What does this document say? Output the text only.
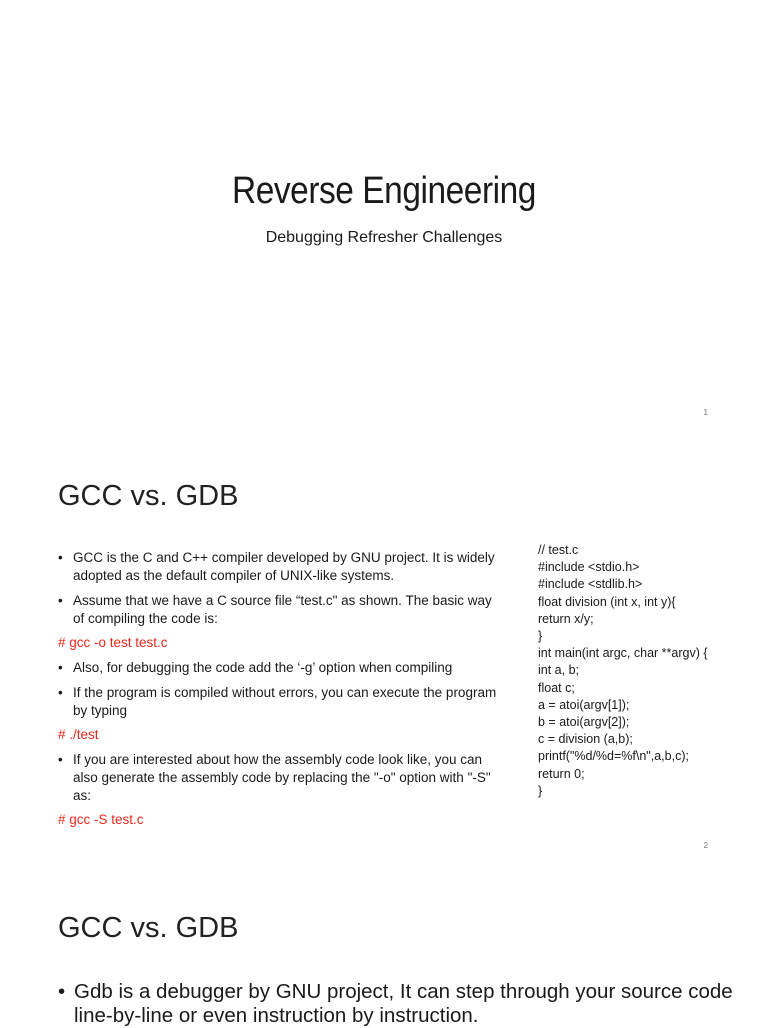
Reverse Engineering
Debugging Refresher Challenges
1
GCC vs. GDB
• GCC is the C and C++ compiler developed by GNU project. It is widely adopted as the default compiler of UNIX-like systems.
• Assume that we have a C source file “test.c" as shown. The basic way of compiling the code is:
# gcc -o test test.c
• Also, for debugging the code add the ‘-g’ option when compiling
• If the program is compiled without errors, you can execute the program by typing
# ./test
• If you are interested about how the assembly code look like, you can also generate the assembly code by replacing the "-o" option with "-S" as:
# gcc -S test.c
// test.c
#include <stdio.h>
#include <stdlib.h>
float division (int x, int y){
return x/y;
}
int main(int argc, char **argv) {
int a, b;
float c;
a = atoi(argv[1]);
b = atoi(argv[2]);
c = division (a,b);
printf("%d/%d=%f\n",a,b,c);
return 0;
}
2
GCC vs. GDB
• Gdb is a debugger by GNU project, It can step through your source code line-by-line or even instruction by instruction.
